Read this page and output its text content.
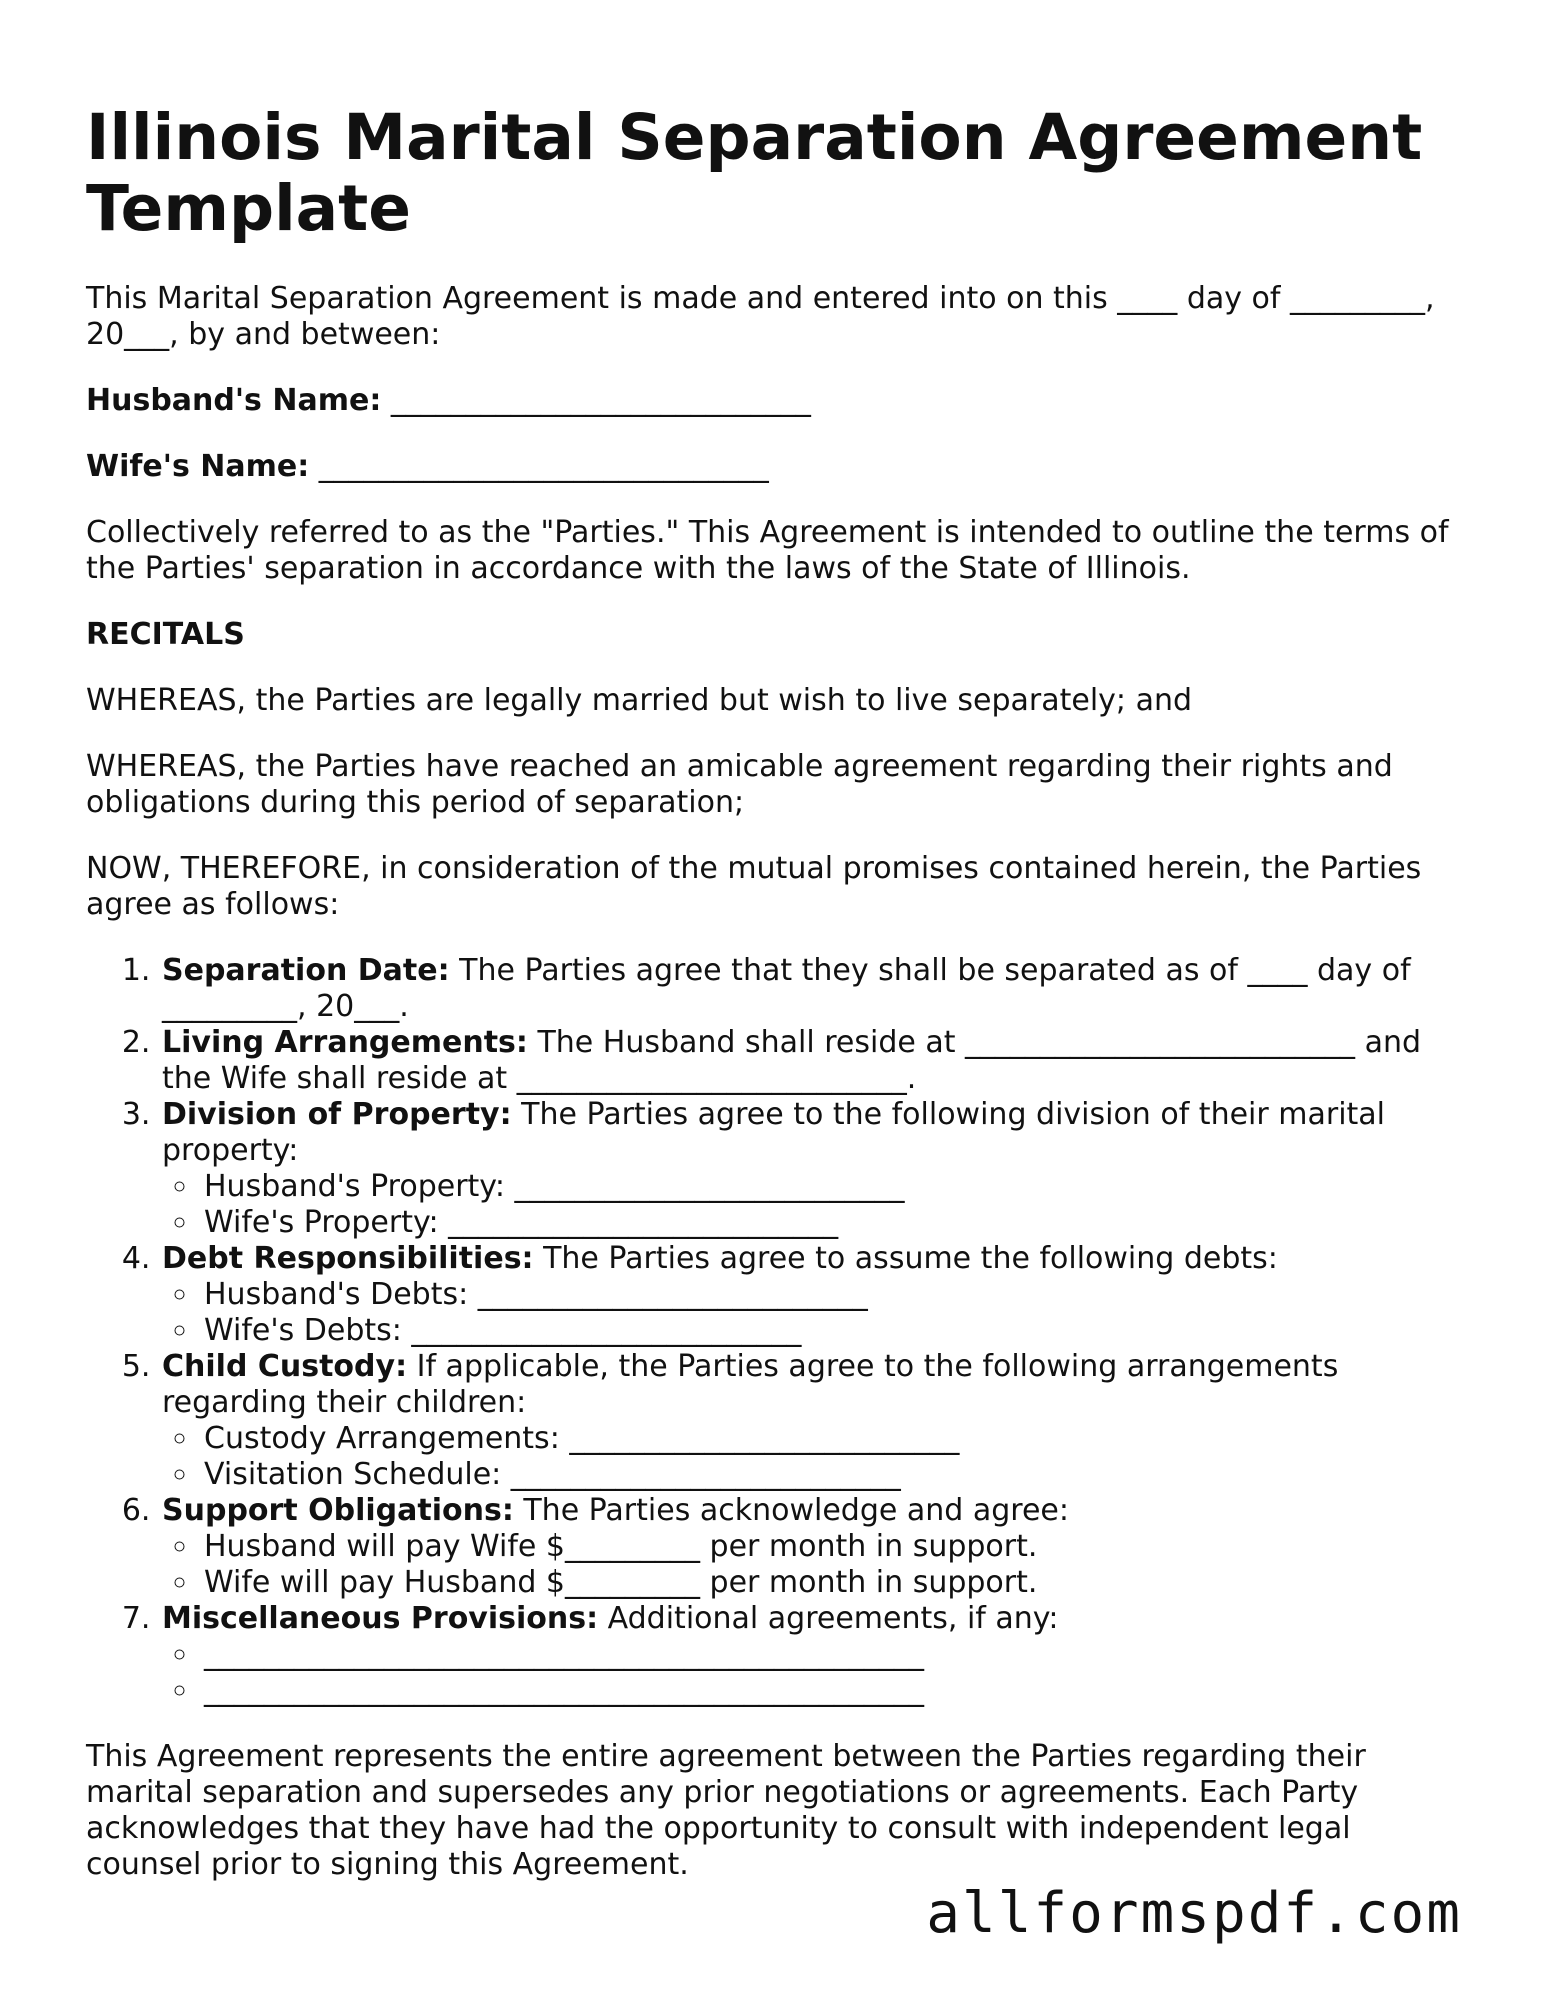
Illinois Marital Separation Agreement Template

This Marital Separation Agreement is made and entered into on this ____ day of _________, 20___, by and between:

Husband's Name: ____________________________
Wife's Name: ______________________________

Collectively referred to as the "Parties." This Agreement is intended to outline the terms of the Parties' separation in accordance with the laws of the State of Illinois.

RECITALS

WHEREAS, the Parties are legally married but wish to live separately; and

WHEREAS, the Parties have reached an amicable agreement regarding their rights and obligations during this period of separation;

NOW, THEREFORE, in consideration of the mutual promises contained herein, the Parties agree as follows:

1. Separation Date: The Parties agree that they shall be separated as of ____ day of _________, 20___.
2. Living Arrangements: The Husband shall reside at __________________________ and the Wife shall reside at __________________________.
3. Division of Property: The Parties agree to the following division of their marital property:
◦ Husband's Property: __________________________
◦ Wife's Property: __________________________
4. Debt Responsibilities: The Parties agree to assume the following debts:
◦ Husband's Debts: __________________________
◦ Wife's Debts: __________________________
5. Child Custody: If applicable, the Parties agree to the following arrangements regarding their children:
◦ Custody Arrangements: __________________________
◦ Visitation Schedule: __________________________
6. Support Obligations: The Parties acknowledge and agree:
◦ Husband will pay Wife $_________ per month in support.
◦ Wife will pay Husband $_________ per month in support.
7. Miscellaneous Provisions: Additional agreements, if any:
◦ ________________________________________________
◦ ________________________________________________

This Agreement represents the entire agreement between the Parties regarding their marital separation and supersedes any prior negotiations or agreements. Each Party acknowledges that they have had the opportunity to consult with independent legal counsel prior to signing this Agreement.

allformspdf.com
